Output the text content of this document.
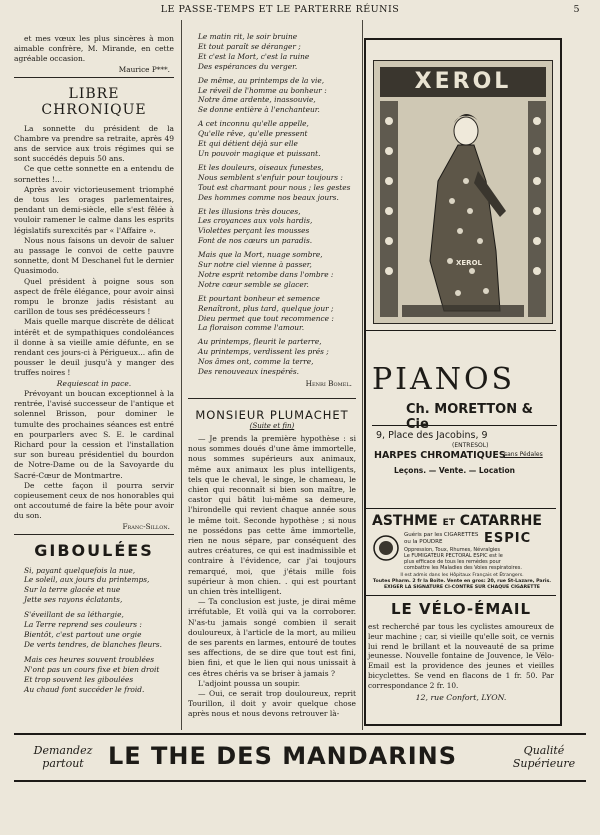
LE PASSE-TEMPS ET LE PARTERRE RÉUNIS	5

et mes vœux les plus sincères à mon aimable confrère, M. Mirande, en cette agréable occasion.

Maurice P***.

LIBRE CHRONIQUE

La sonnette du président de la Chambre va prendre sa retraite, après 49 ans de service aux trois régimes qui se sont succédés depuis 50 ans.

Ce que cette sonnette en a entendu de sornettes !...

Après avoir victorieusement triomphé de tous les orages parlementaires, pendant un demi-siècle, elle s'est fêlée à vouloir ramener le calme dans les esprits législatifs surexcités par « l'Affaire ».

Nous nous faisons un devoir de saluer au passage le convoi de cette pauvre sonnette, dont M Deschanel fut le dernier Quasimodo.

Quel président à poigne sous son aspect de frêle élégance, pour avoir ainsi rompu le bronze jadis résistant au carillon de tous ses prédécesseurs !

Mais quelle marque discrète de délicat intérêt et de sympathiques condoléances il donne à sa vieille amie défunte, en se rendant ces jours-ci à Périgueux... afin de pousser le deuil jusqu'à y manger des truffes noires !

Requiescat in pace.

Prévoyant un boucan exceptionnel à la rentrée, l'avisé successeur de l'antique et solennel Brisson, pour dominer le tumulte des prochaines séances est entré en pourparlers avec S. E. le cardinal Richard pour la cession et l'installation sur son bureau présidentiel du bourdon de Notre-Dame ou de la Savoyarde du Sacré-Cœur de Montmartre.

De cette façon il pourra servir copieusement ceux de nos honorables qui ont accoutumé de faire la bête pour avoir du son.

Franc-Sillon.

GIBOULÉES

Si, payant quelquefois la nue,

Le soleil, aux jours du printemps,

Sur la terre glacée et nue

Jette ses rayons éclatants,

S'éveillant de sa léthargie,

La Terre reprend ses couleurs :

Bientôt, c'est partout une orgie

De verts tendres, de blanches fleurs.

Mais ces heures souvent troublées

N'ont pas un cours fixe et bien droit

Et trop souvent les giboulées

Au chaud font succéder le froid.

Le matin rit, le soir bruine

Et tout paraît se déranger ;

Et c'est la Mort, c'est la ruine

Des espérances du verger.

De même, au printemps de la vie,

Le réveil de l'homme au bonheur :

Notre âme ardente, inassouvie,

Se donne entière à l'enchanteur.

A cet inconnu qu'elle appelle,

Qu'elle rêve, qu'elle pressent

Et qui détient déjà sur elle

Un pouvoir magique et puissant.

Et les douleurs, oiseaux funestes,

Nous semblent s'enfuir pour toujours :

Tout est charmant pour nous ; les gestes

Des hommes comme nos beaux jours.

Et les illusions très douces,

Les croyances aux vols hardis,

Violettes perçant les mousses

Font de nos cœurs un paradis.

Mais que la Mort, nuage sombre,

Sur notre ciel vienne à passer,

Notre esprit retombe dans l'ombre :

Notre cœur semble se glacer.

Et pourtant bonheur et semence

Renaîtront, plus tard, quelque jour ;

Dieu permet que tout recommence :

La floraison comme l'amour.

Au printemps, fleurit le parterre,

Au printemps, verdissent les prés ;

Nos âmes ont, comme la terre,

Des renouveaux inespérés.

Henri Bomel.

MONSIEUR PLUMACHET
(Suite et fin)

— Je prends la première hypothèse : si nous sommes doués d'une âme immortelle, nous sommes supérieurs aux animaux, même aux animaux les plus intelligents, tels que le cheval, le singe, le chameau, le chien qui reconnaît si bien son maître, le castor qui bâtit lui-même sa demeure, l'hirondelle qui revient chaque année sous le même toit. Seconde hypothèse ; si nous ne possédons pas cette âme immortelle, rien ne nous sépare, par conséquent des autres créatures, ce qui est inadmissible et contraire à l'évidence, car j'ai toujours remarqué, moi, que j'étais mille fois supérieur à mon chien. . qui est pourtant un chien très intelligent.

— Ta conclusion est juste, je dirai même irréfutable, Et voilà qui va la corroborer. N'as-tu jamais songé combien il serait douloureux, à l'article de la mort, au milieu de ses parents en larmes, entouré de toutes ses affections, de se dire que tout est fini, bien fini, et que le lien qui nous unissait à ces êtres chéris va se briser à jamais ?

L'adjoint poussa un soupir.

— Oui, ce serait trop douloureux, reprit Tourillon, il doit y avoir quelque chose après nous et nous devons retrouver là-

XEROL
XEROL
PIANOS
Ch. MORETTON & Cie
9, Place des Jacobins, 9
(ENTRESOL)
HARPES CHROMATIQUES
sans Pédales
Leçons. — Vente. — Location
ASTHME ET CATARRHE
Guéris par les CIGARETTES
ou la POUDRE	ESPIC
Oppression, Toux, Rhumes, Névralgies
Le FUMIGATEUR PECTORAL ESPIC est le
plus efficace de tous les remèdes pour
combattre les Maladies des Voies respiratoires.
Il est admis dans les Hôpitaux Français et Étrangers.
Toutes Pharm. 2 fr la Boîte. Vente en gros: 20, rue St-Lazare, Paris.
EXIGER LA SIGNATURE CI-CONTRE SUR CHAQUE CIGARETTE
LE VÉLO-ÉMAIL

est recherché par tous les cyclistes amoureux de leur machine ; car, si vieille qu'elle soit, ce vernis lui rend le brillant et la nouveauté de sa prime jeunesse. Nouvelle fontaine de Jouvence, le Vélo-Email est la providence des jeunes et vieilles bicyclettes. Se vend en flacons de 1 fr. 50. Par correspondance 2 fr. 10.

12, rue Confort, LYON.

Demandez
partout	LE THE DES MANDARINS	Qualité
Supérieure
